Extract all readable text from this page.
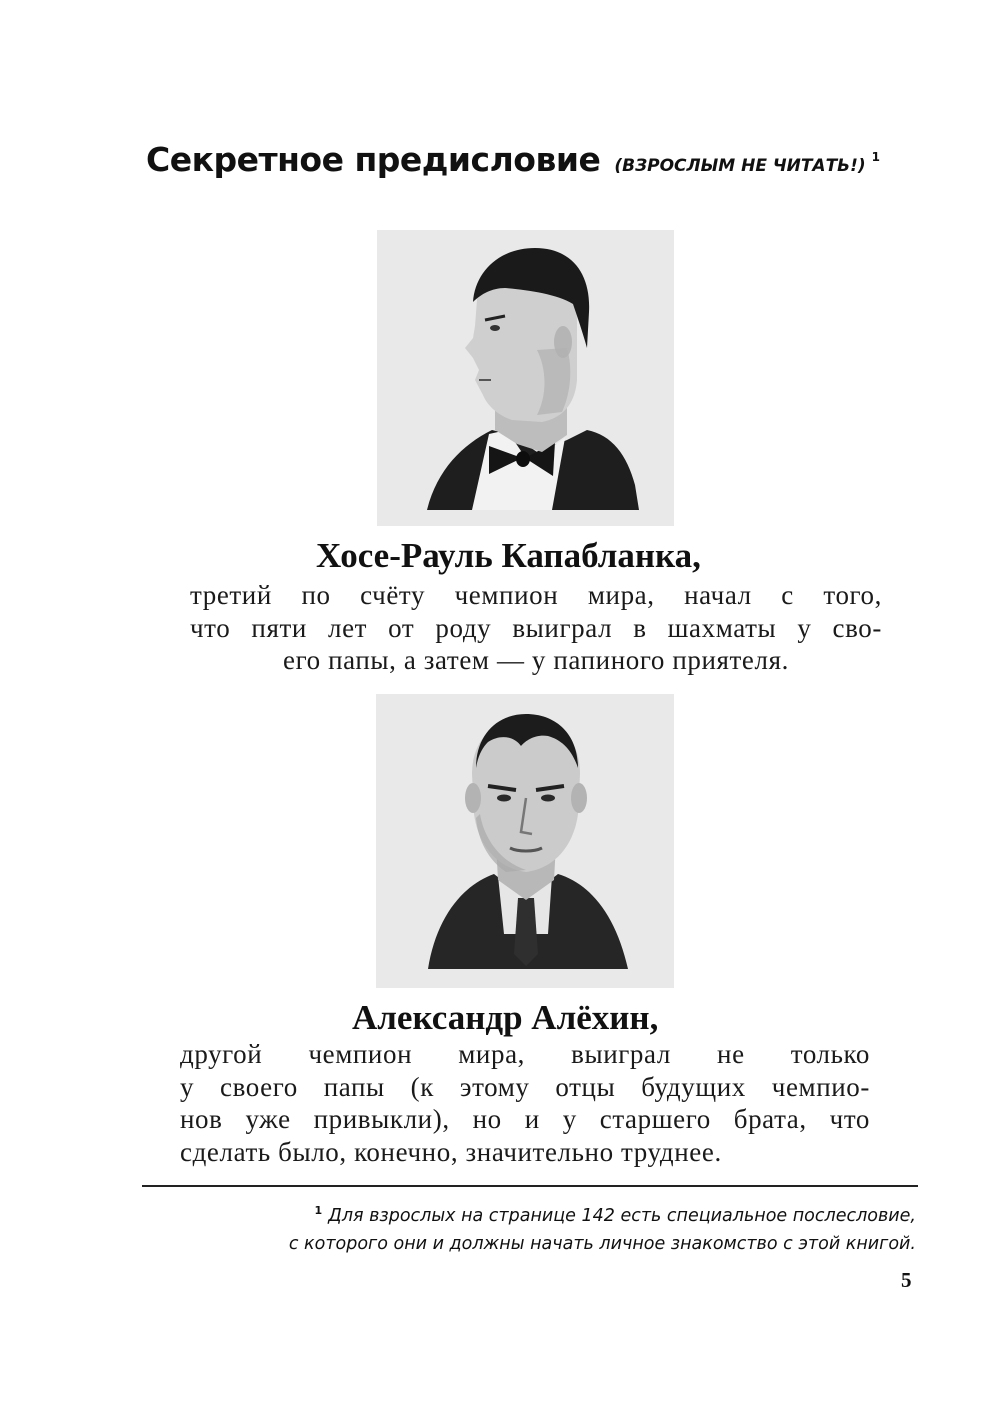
Секретное предисловие (ВЗРОСЛЫМ НЕ ЧИТАТЬ!) $^1$
Хосе-Рауль Капабланка,
третий по счёту чемпион мира, начал с того,
что пяти лет от роду выиграл в шахматы у сво-
его папы, а затем — у папиного приятеля.
Александр Алёхин,
другой чемпион мира, выиграл не только
у своего папы (к этому отцы будущих чемпио-
нов уже привыкли), но и у старшего брата, что
сделать было, конечно, значительно труднее.
$^1$ Для взрослых на странице 142 есть специальное послесловие,
с которого они и должны начать личное знакомство с этой книгой.
5
